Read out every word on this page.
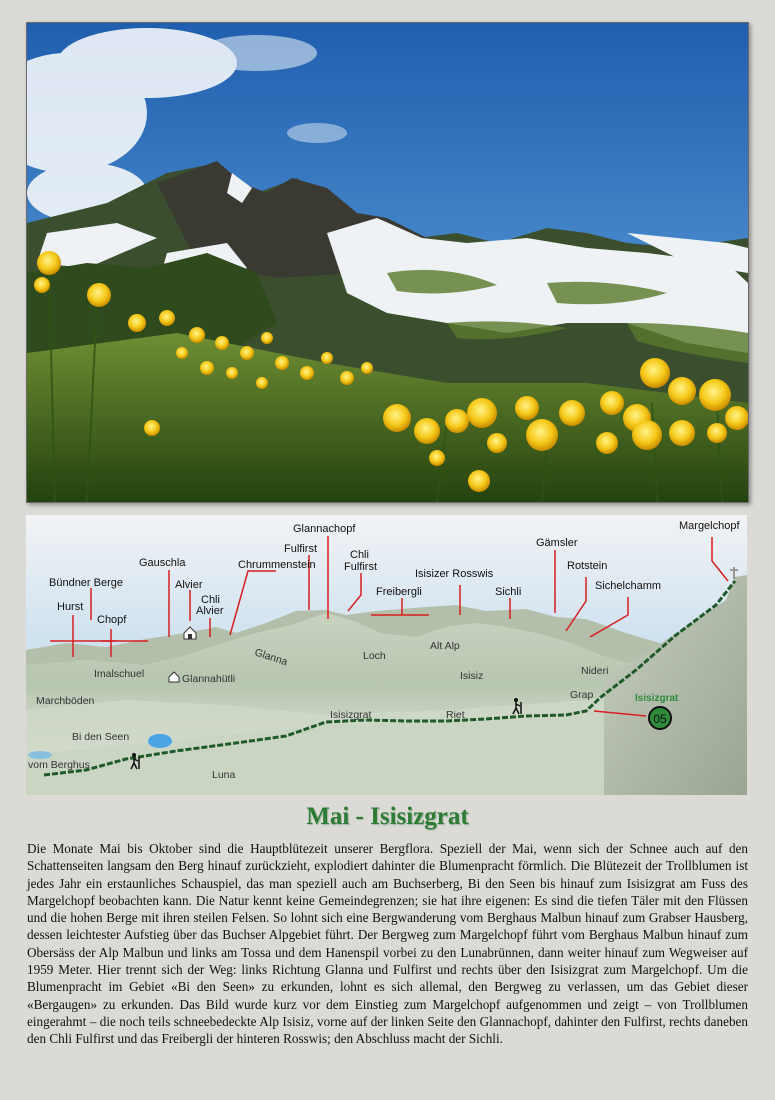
05
Isisizgrat
Glannachopf	Margelchopf
Fulfirst	Chli
Fulfirst
Gämsler
Gauschla	Chrummenstein
Isisizer Rosswis
Rotstein
Bündner Berge	Alvier
Freibergli	Sichli	Sichelchamm
Chli
Alvier
Hurst
Chopf
Glanna	Loch
Alt Alp
Imalschuel	Glannahütli	Isisiz	Nideri
Marchböden	Grap
Isisizgrat	Riet
Bi den Seen
vom Berghus
Luna
Mai - Isisizgrat

Die Monate Mai bis Oktober sind die Hauptblütezeit unserer Bergflora. Speziell der Mai, wenn sich der Schnee auch auf den Schattenseiten langsam den Berg hinauf zurückzieht, explodiert dahinter die Blumenpracht förmlich. Die Blütezeit der Trollblumen ist jedes Jahr ein erstaunliches Schauspiel, das man speziell auch am Buchserberg, Bi den Seen bis hinauf zum Isisizgrat am Fuss des Margelchopf beobachten kann. Die Natur kennt keine Gemeindegrenzen; sie hat ihre eigenen: Es sind die tiefen Täler mit den Flüssen und die hohen Berge mit ihren steilen Felsen. So lohnt sich eine Bergwanderung vom Berghaus Malbun hinauf zum Grabser Hausberg, dessen leichtester Aufstieg über das Buchser Alpgebiet führt. Der Bergweg zum Margelchopf führt vom Berghaus Malbun hinauf zum Obersäss der Alp Malbun und links am Tossa und dem Hanenspil vorbei zu den Lunabrünnen, dann weiter hinauf zum Wegweiser auf 1959 Meter. Hier trennt sich der Weg: links Richtung Glanna und Fulfirst und rechts über den Isisizgrat zum Margelchopf. Um die Blumenpracht im Gebiet «Bi den Seen» zu erkunden, lohnt es sich allemal, den Bergweg zu verlassen, um das Gebiet dieser «Bergaugen» zu erkunden. Das Bild wurde kurz vor dem Einstieg zum Margelchopf aufgenommen und zeigt – von Trollblumen eingerahmt – die noch teils schneebedeckte Alp Isisiz, vorne auf der linken Seite den Glannachopf, dahinter den Fulfirst, rechts daneben den Chli Fulfirst und das Freibergli der hinteren Rosswis; den Abschluss macht der Sichli.
